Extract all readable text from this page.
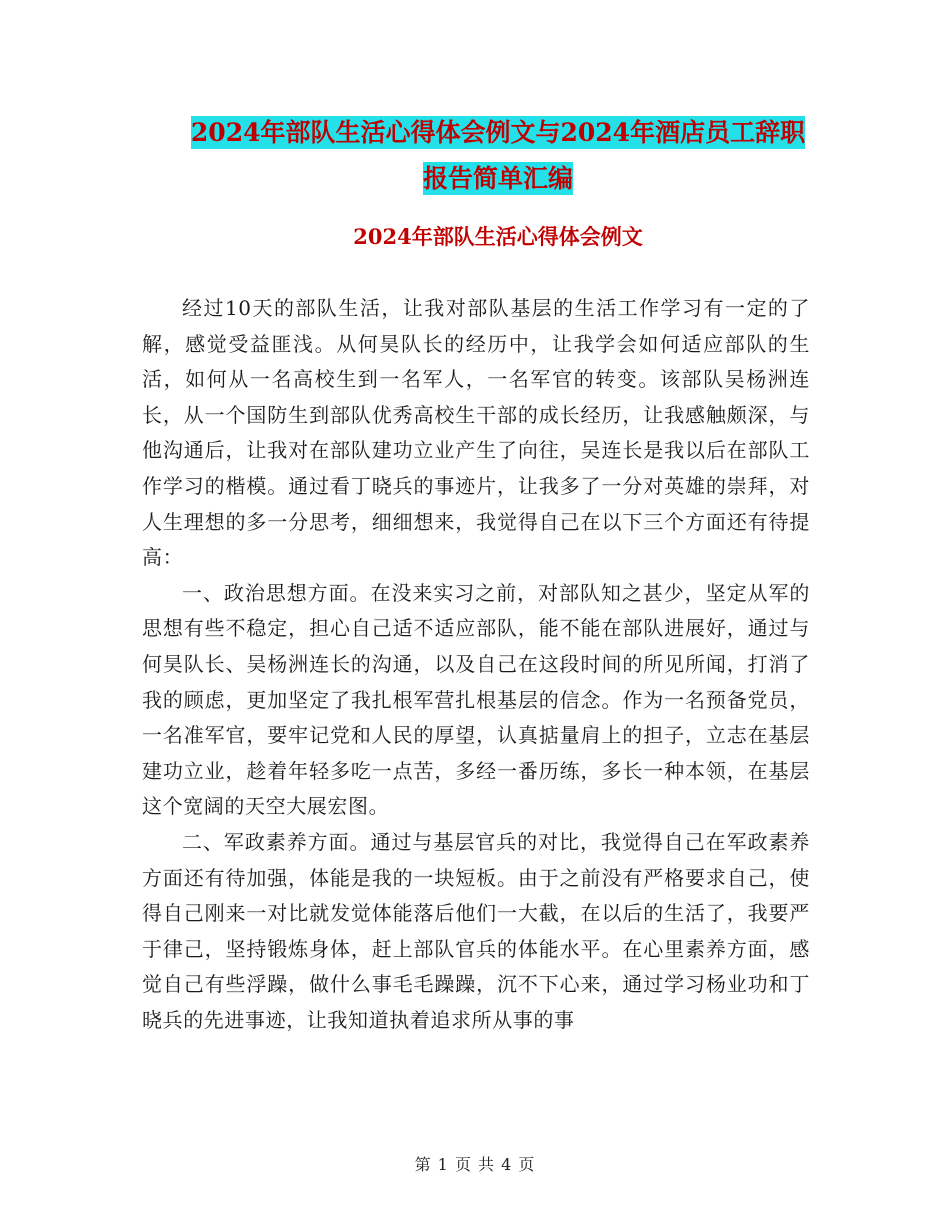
2024年部队生活心得体会例文与2024年酒店员工辞职
报告简单汇编
2024年部队生活心得体会例文

经过10天的部队生活，让我对部队基层的生活工作学习有一定的了解，感觉受益匪浅。从何昊队长的经历中，让我学会如何适应部队的生活，如何从一名高校生到一名军人，一名军官的转变。该部队吴杨洲连长，从一个国防生到部队优秀高校生干部的成长经历，让我感触颇深，与他沟通后，让我对在部队建功立业产生了向往，吴连长是我以后在部队工作学习的楷模。通过看丁晓兵的事迹片，让我多了一分对英雄的崇拜，对人生理想的多一分思考，细细想来，我觉得自己在以下三个方面还有待提高：

一、政治思想方面。在没来实习之前，对部队知之甚少，坚定从军的思想有些不稳定，担心自己适不适应部队，能不能在部队进展好，通过与何昊队长、吴杨洲连长的沟通，以及自己在这段时间的所见所闻，打消了我的顾虑，更加坚定了我扎根军营扎根基层的信念。作为一名预备党员，一名准军官，要牢记党和人民的厚望，认真掂量肩上的担子，立志在基层建功立业，趁着年轻多吃一点苦，多经一番历练，多长一种本领，在基层这个宽阔的天空大展宏图。

二、军政素养方面。通过与基层官兵的对比，我觉得自己在军政素养方面还有待加强，体能是我的一块短板。由于之前没有严格要求自己，使得自己刚来一对比就发觉体能落后他们一大截，在以后的生活了，我要严于律己，坚持锻炼身体，赶上部队官兵的体能水平。在心里素养方面，感觉自己有些浮躁，做什么事毛毛躁躁，沉不下心来，通过学习杨业功和丁晓兵的先进事迹，让我知道执着追求所从事的事

第 1 页 共 4 页
